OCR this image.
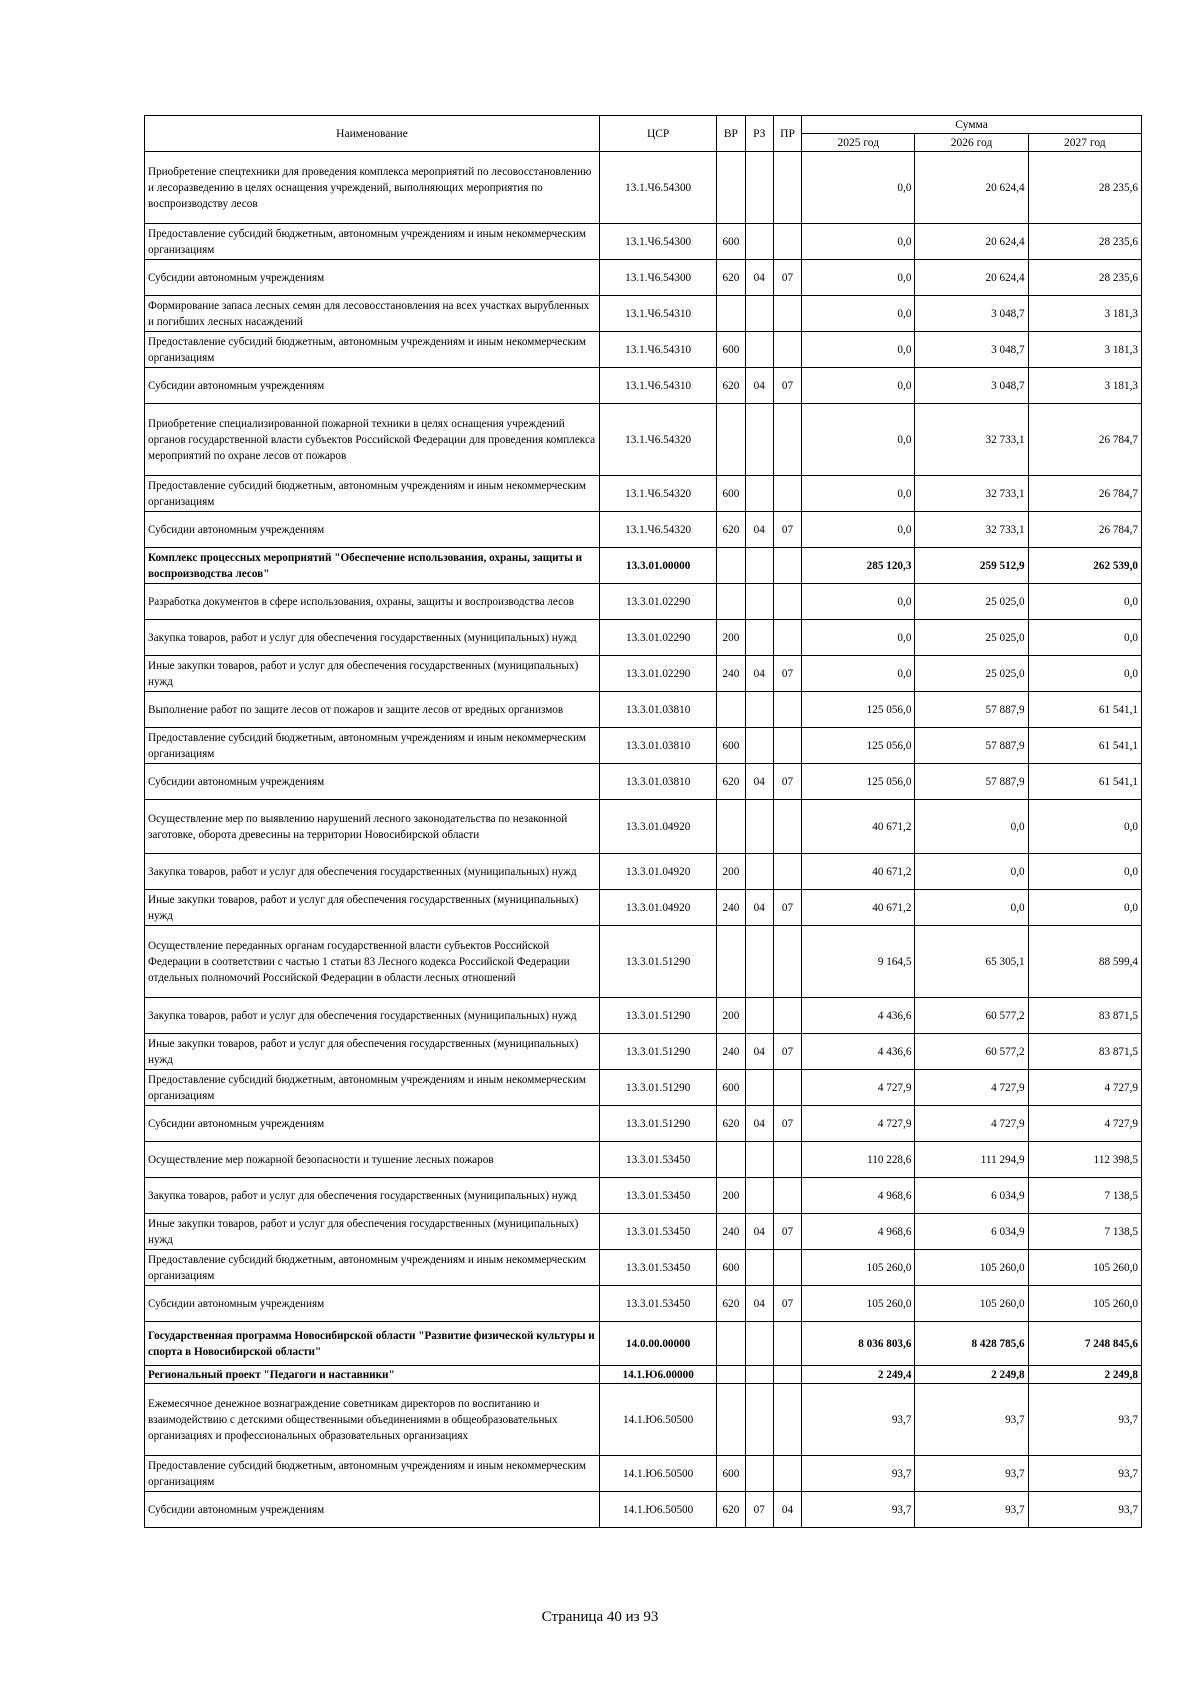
Наименование	ЦСР	ВР	РЗ	ПР	Сумма		
					2025 год	2026 год	2027 год
Приобретение спецтехники для проведения комплекса мероприятий по лесовосстановлению и лесоразведению в целях оснащения учреждений, выполняющих мероприятия по воспроизводству лесов	13.1.Ч6.54300				0,0	20 624,4	28 235,6
Предоставление субсидий бюджетным, автономным учреждениям и иным некоммерческим организациям	13.1.Ч6.54300	600			0,0	20 624,4	28 235,6
Субсидии автономным учреждениям	13.1.Ч6.54300	620	04	07	0,0	20 624,4	28 235,6
Формирование запаса лесных семян для лесовосстановления на всех участках вырубленных и погибших лесных насаждений	13.1.Ч6.54310				0,0	3 048,7	3 181,3
Предоставление субсидий бюджетным, автономным учреждениям и иным некоммерческим организациям	13.1.Ч6.54310	600			0,0	3 048,7	3 181,3
Субсидии автономным учреждениям	13.1.Ч6.54310	620	04	07	0,0	3 048,7	3 181,3
Приобретение специализированной пожарной техники в целях оснащения учреждений органов государственной власти субъектов Российской Федерации для проведения комплекса мероприятий по охране лесов от пожаров	13.1.Ч6.54320				0,0	32 733,1	26 784,7
Предоставление субсидий бюджетным, автономным учреждениям и иным некоммерческим организациям	13.1.Ч6.54320	600			0,0	32 733,1	26 784,7
Субсидии автономным учреждениям	13.1.Ч6.54320	620	04	07	0,0	32 733,1	26 784,7
Комплекс процессных мероприятий "Обеспечение использования, охраны, защиты и воспроизводства лесов"	13.3.01.00000				285 120,3	259 512,9	262 539,0
Разработка документов в сфере использования, охраны, защиты и воспроизводства лесов	13.3.01.02290				0,0	25 025,0	0,0
Закупка товаров, работ и услуг для обеспечения государственных (муниципальных) нужд	13.3.01.02290	200			0,0	25 025,0	0,0
Иные закупки товаров, работ и услуг для обеспечения государственных (муниципальных) нужд	13.3.01.02290	240	04	07	0,0	25 025,0	0,0
Выполнение работ по защите лесов от пожаров и защите лесов от вредных организмов	13.3.01.03810				125 056,0	57 887,9	61 541,1
Предоставление субсидий бюджетным, автономным учреждениям и иным некоммерческим организациям	13.3.01.03810	600			125 056,0	57 887,9	61 541,1
Субсидии автономным учреждениям	13.3.01.03810	620	04	07	125 056,0	57 887,9	61 541,1
Осуществление мер по выявлению нарушений лесного законодательства по незаконной заготовке, оборота древесины на территории Новосибирской области	13.3.01.04920				40 671,2	0,0	0,0
Закупка товаров, работ и услуг для обеспечения государственных (муниципальных) нужд	13.3.01.04920	200			40 671,2	0,0	0,0
Иные закупки товаров, работ и услуг для обеспечения государственных (муниципальных) нужд	13.3.01.04920	240	04	07	40 671,2	0,0	0,0
Осуществление переданных органам государственной власти субъектов Российской Федерации в соответствии с частью 1 статьи 83 Лесного кодекса Российской Федерации отдельных полномочий Российской Федерации в области лесных отношений	13.3.01.51290				9 164,5	65 305,1	88 599,4
Закупка товаров, работ и услуг для обеспечения государственных (муниципальных) нужд	13.3.01.51290	200			4 436,6	60 577,2	83 871,5
Иные закупки товаров, работ и услуг для обеспечения государственных (муниципальных) нужд	13.3.01.51290	240	04	07	4 436,6	60 577,2	83 871,5
Предоставление субсидий бюджетным, автономным учреждениям и иным некоммерческим организациям	13.3.01.51290	600			4 727,9	4 727,9	4 727,9
Субсидии автономным учреждениям	13.3.01.51290	620	04	07	4 727,9	4 727,9	4 727,9
Осуществление мер пожарной безопасности и тушение лесных пожаров	13.3.01.53450				110 228,6	111 294,9	112 398,5
Закупка товаров, работ и услуг для обеспечения государственных (муниципальных) нужд	13.3.01.53450	200			4 968,6	6 034,9	7 138,5
Иные закупки товаров, работ и услуг для обеспечения государственных (муниципальных) нужд	13.3.01.53450	240	04	07	4 968,6	6 034,9	7 138,5
Предоставление субсидий бюджетным, автономным учреждениям и иным некоммерческим организациям	13.3.01.53450	600			105 260,0	105 260,0	105 260,0
Субсидии автономным учреждениям	13.3.01.53450	620	04	07	105 260,0	105 260,0	105 260,0
Государственная программа Новосибирской области "Развитие физической культуры и спорта в Новосибирской области"	14.0.00.00000				8 036 803,6	8 428 785,6	7 248 845,6
Региональный проект "Педагоги и наставники"	14.1.Ю6.00000				2 249,4	2 249,8	2 249,8
Ежемесячное денежное вознаграждение советникам директоров по воспитанию и взаимодействию с детскими общественными объединениями в общеобразовательных организациях и профессиональных образовательных организациях	14.1.Ю6.50500				93,7	93,7	93,7
Предоставление субсидий бюджетным, автономным учреждениям и иным некоммерческим организациям	14.1.Ю6.50500	600			93,7	93,7	93,7
Субсидии автономным учреждениям	14.1.Ю6.50500	620	07	04	93,7	93,7	93,7
Страница 40 из 93
